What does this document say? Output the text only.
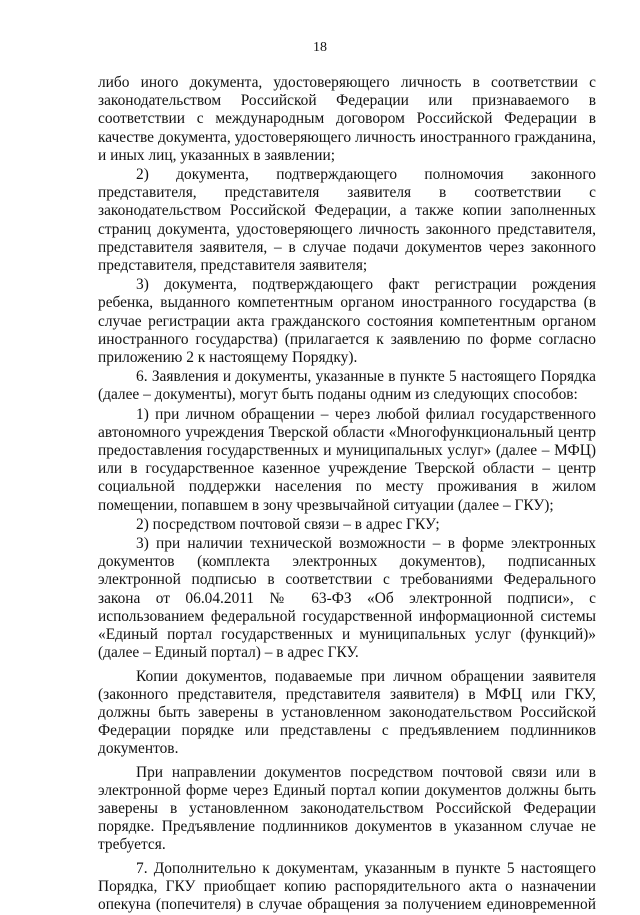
18

либо иного документа, удостоверяющего личность в соответствии с законодательством Российской Федерации или признаваемого в соответствии с международным договором Российской Федерации в качестве документа, удостоверяющего личность иностранного гражданина, и иных лиц, указанных в заявлении;

2) документа, подтверждающего полномочия законного представителя, представителя заявителя в соответствии с законодательством Российской Федерации, а также копии заполненных страниц документа, удостоверяющего личность законного представителя, представителя заявителя, – в случае подачи документов через законного представителя, представителя заявителя;

3) документа, подтверждающего факт регистрации рождения ребенка, выданного компетентным органом иностранного государства (в случае регистрации акта гражданского состояния компетентным органом иностранного государства) (прилагается к заявлению по форме согласно приложению 2 к настоящему Порядку).

6. Заявления и документы, указанные в пункте 5 настоящего Порядка (далее – документы), могут быть поданы одним из следующих способов:

1) при личном обращении – через любой филиал государственного автономного учреждения Тверской области «Многофункциональный центр предоставления государственных и муниципальных услуг» (далее – МФЦ) или в государственное казенное учреждение Тверской области – центр социальной поддержки населения по месту проживания в жилом помещении, попавшем в зону чрезвычайной ситуации (далее – ГКУ);

2) посредством почтовой связи – в адрес ГКУ;

3) при наличии технической возможности – в форме электронных документов (комплекта электронных документов), подписанных электронной подписью в соответствии с требованиями Федерального закона от 06.04.2011 № 63-ФЗ «Об электронной подписи», с использованием федеральной государственной информационной системы «Единый портал государственных и муниципальных услуг (функций)» (далее – Единый портал) – в адрес ГКУ.

Копии документов, подаваемые при личном обращении заявителя (законного представителя, представителя заявителя) в МФЦ или ГКУ, должны быть заверены в установленном законодательством Российской Федерации порядке или представлены с предъявлением подлинников документов.

При направлении документов посредством почтовой связи или в электронной форме через Единый портал копии документов должны быть заверены в установленном законодательством Российской Федерации порядке. Предъявление подлинников документов в указанном случае не требуется.

7. Дополнительно к документам, указанным в пункте 5 настоящего Порядка, ГКУ приобщает копию распорядительного акта о назначении опекуна (попечителя) в случае обращения за получением единовременной
